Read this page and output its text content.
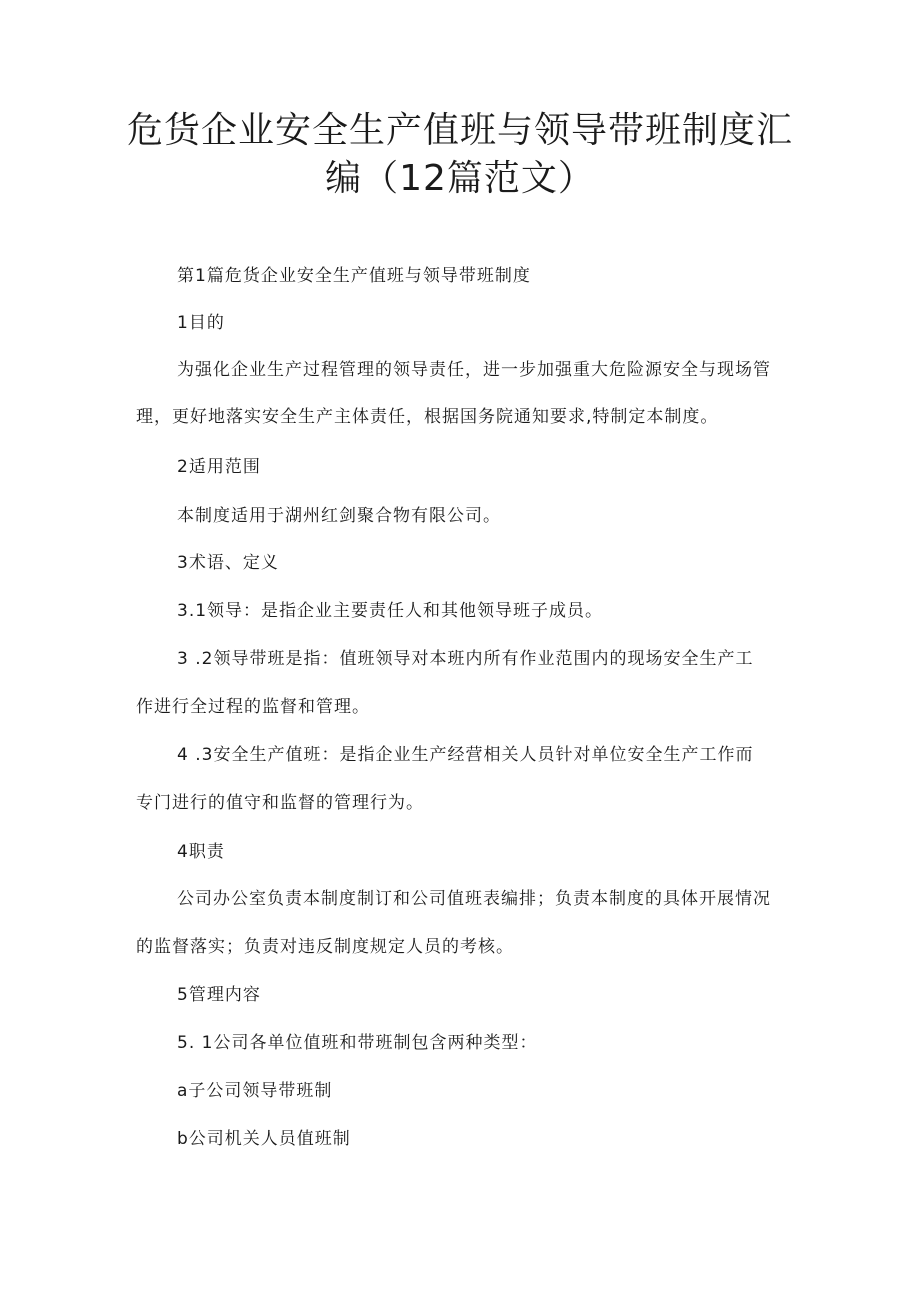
危货企业安全生产值班与领导带班制度汇
编（12篇范文）

第1篇危货企业安全生产值班与领导带班制度

1目的

为强化企业生产过程管理的领导责任，进一步加强重大危险源安全与现场管

理，更好地落实安全生产主体责任，根据国务院通知要求,特制定本制度。

2适用范围

本制度适用于湖州红剑聚合物有限公司。

3术语、定义

3.1领导：是指企业主要责任人和其他领导班子成员。

3 .2领导带班是指：值班领导对本班内所有作业范围内的现场安全生产工

作进行全过程的监督和管理。

4 .3安全生产值班：是指企业生产经营相关人员针对单位安全生产工作而

专门进行的值守和监督的管理行为。

4职责

公司办公室负责本制度制订和公司值班表编排；负责本制度的具体开展情况

的监督落实；负责对违反制度规定人员的考核。

5管理内容

5. 1公司各单位值班和带班制包含两种类型：

a子公司领导带班制

b公司机关人员值班制
